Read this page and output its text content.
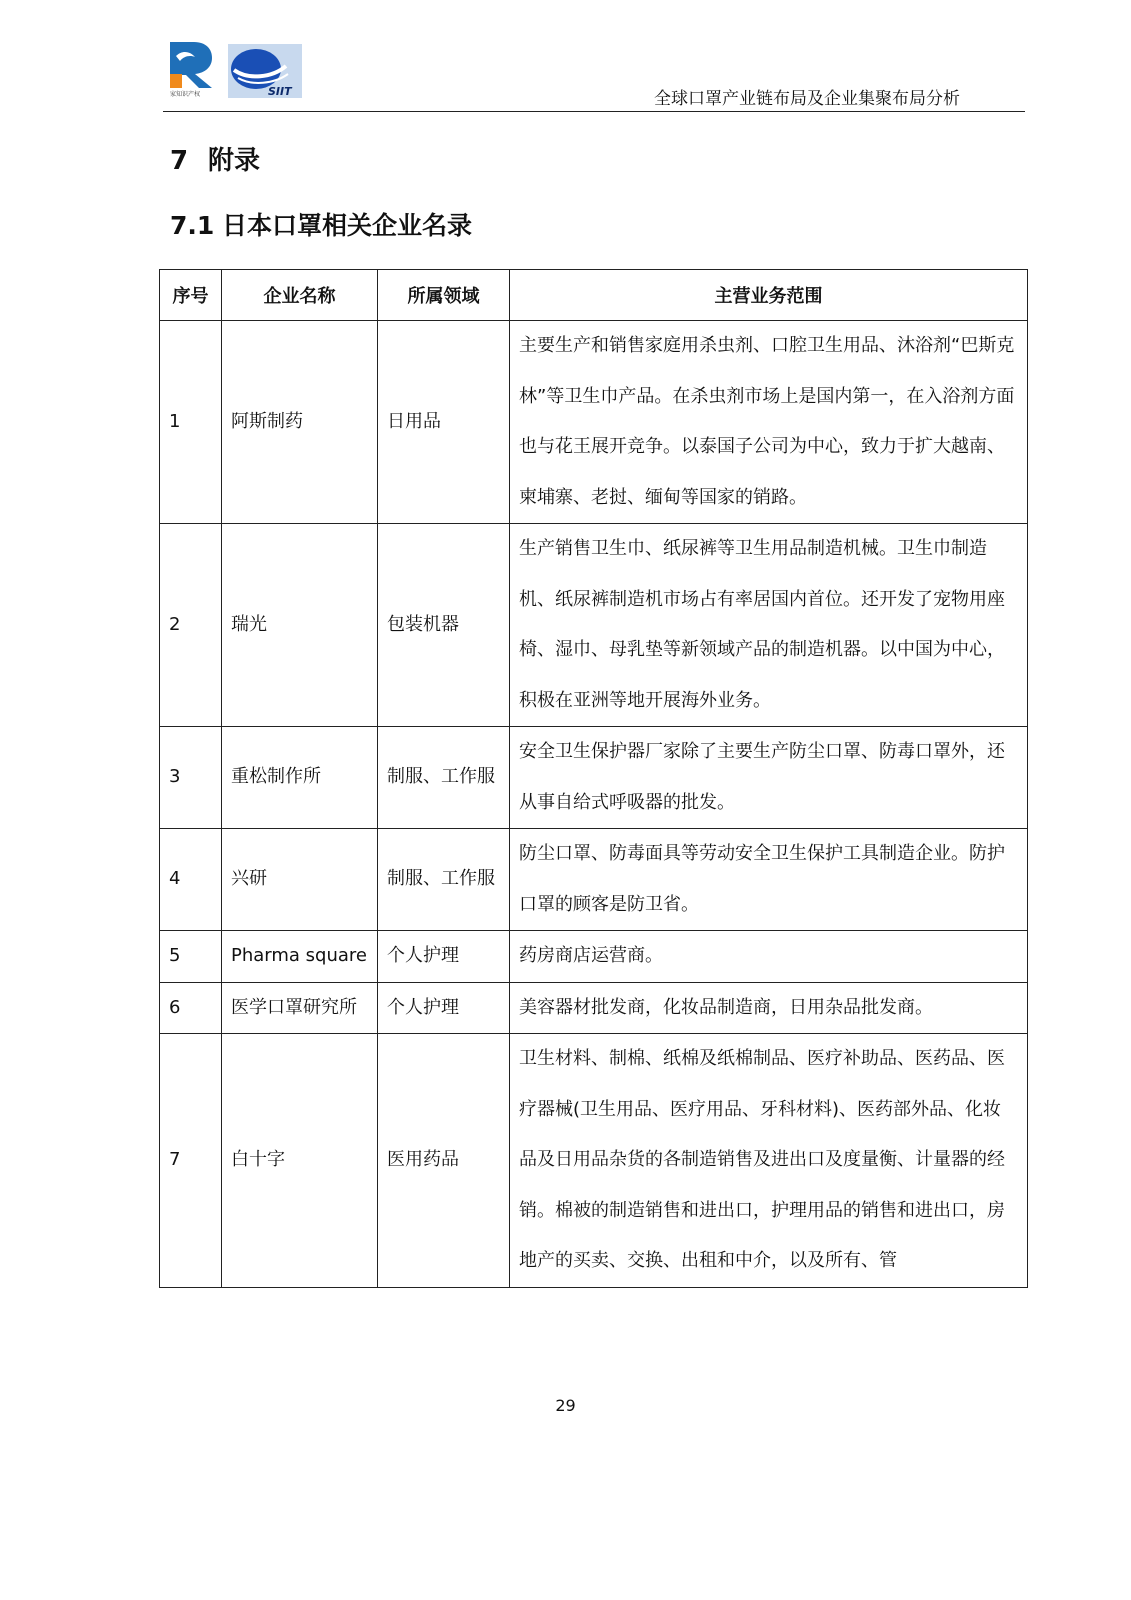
家知识产权	SIIT	全球口罩产业链布局及企业集聚布局分析
7 附录
7.1 日本口罩相关企业名录
序号	企业名称	所属领域	主营业务范围
1	阿斯制药	日用品	主要生产和销售家庭用杀虫剂、口腔卫生用品、沐浴剂“巴斯克林”等卫生巾产品。在杀虫剂市场上是国内第一，在入浴剂方面也与花王展开竞争。以泰国子公司为中心，致力于扩大越南、柬埔寨、老挝、缅甸等国家的销路。
2	瑞光	包装机器	生产销售卫生巾、纸尿裤等卫生用品制造机械。卫生巾制造机、纸尿裤制造机市场占有率居国内首位。还开发了宠物用座椅、湿巾、母乳垫等新领域产品的制造机器。以中国为中心，积极在亚洲等地开展海外业务。
3	重松制作所	制服、工作服	安全卫生保护器厂家除了主要生产防尘口罩、防毒口罩外，还从事自给式呼吸器的批发。
4	兴研	制服、工作服	防尘口罩、防毒面具等劳动安全卫生保护工具制造企业。防护口罩的顾客是防卫省。
5	Pharma square	个人护理	药房商店运营商。
6	医学口罩研究所	个人护理	美容器材批发商，化妆品制造商，日用杂品批发商。
7	白十字	医用药品	卫生材料、制棉、纸棉及纸棉制品、医疗补助品、医药品、医疗器械(卫生用品、医疗用品、牙科材料)、医药部外品、化妆品及日用品杂货的各制造销售及进出口及度量衡、计量器的经销。棉被的制造销售和进出口，护理用品的销售和进出口，房地产的买卖、交换、出租和中介，以及所有、管
29
